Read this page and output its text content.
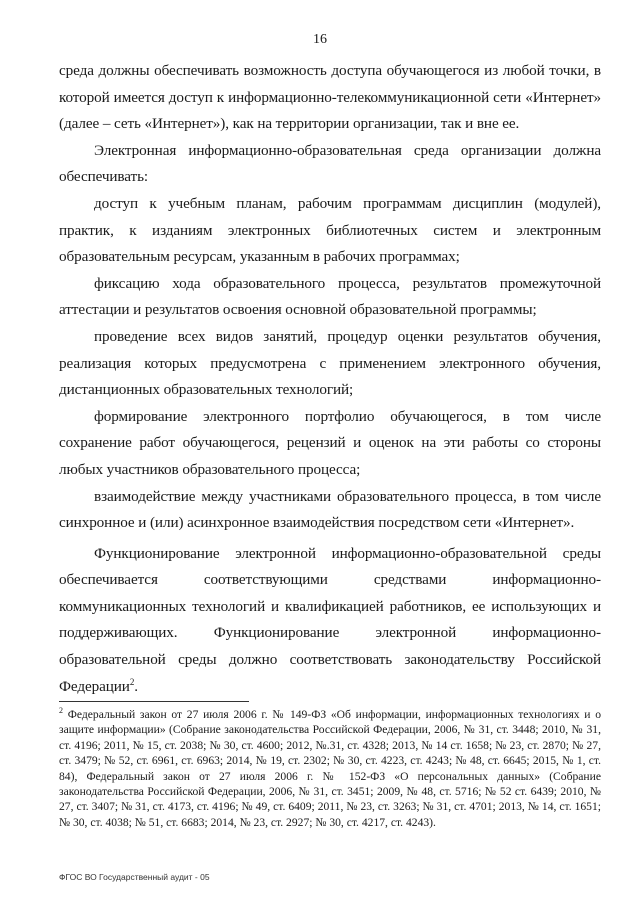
16

среда должны обеспечивать возможность доступа обучающегося из любой точки, в которой имеется доступ к информационно-телекоммуникационной сети «Интернет» (далее – сеть «Интернет»), как на территории организации, так и вне ее.

Электронная информационно-образовательная среда организации должна обеспечивать:

доступ к учебным планам, рабочим программам дисциплин (модулей), практик, к изданиям электронных библиотечных систем и электронным образовательным ресурсам, указанным в рабочих программах;

фиксацию хода образовательного процесса, результатов промежуточной аттестации и результатов освоения основной образовательной программы;

проведение всех видов занятий, процедур оценки результатов обучения, реализация которых предусмотрена с применением электронного обучения, дистанционных образовательных технологий;

формирование электронного портфолио обучающегося, в том числе сохранение работ обучающегося, рецензий и оценок на эти работы со стороны любых участников образовательного процесса;

взаимодействие между участниками образовательного процесса, в том числе синхронное и (или) асинхронное взаимодействия посредством сети «Интернет».

Функционирование электронной информационно-образовательной среды обеспечивается соответствующими средствами информационно-коммуникационных технологий и квалификацией работников, ее использующих и поддерживающих. Функционирование электронной информационно-образовательной среды должно соответствовать законодательству Российской Федерации$^2$.

$^2$ Федеральный закон от 27 июля 2006 г. № 149-ФЗ «Об информации, информационных технологиях и о защите информации» (Собрание законодательства Российской Федерации, 2006, № 31, ст. 3448; 2010, № 31, ст. 4196; 2011, № 15, ст. 2038; № 30, ст. 4600; 2012, №.31, ст. 4328; 2013, № 14 ст. 1658; № 23, ст. 2870; № 27, ст. 3479; № 52, ст. 6961, ст. 6963; 2014, № 19, ст. 2302; № 30, ст. 4223, ст. 4243; № 48, ст. 6645; 2015, № 1, ст. 84), Федеральный закон от 27 июля 2006 г. № 152-ФЗ «О персональных данных» (Собрание законодательства Российской Федерации, 2006, № 31, ст. 3451; 2009, № 48, ст. 5716; № 52 ст. 6439; 2010, № 27, ст. 3407; № 31, ст. 4173, ст. 4196; № 49, ст. 6409; 2011, № 23, ст. 3263; № 31, ст. 4701; 2013, № 14, ст. 1651; № 30, ст. 4038; № 51, ст. 6683; 2014, № 23, ст. 2927; № 30, ст. 4217, ст. 4243).

ФГОС ВО Государственный аудит - 05
